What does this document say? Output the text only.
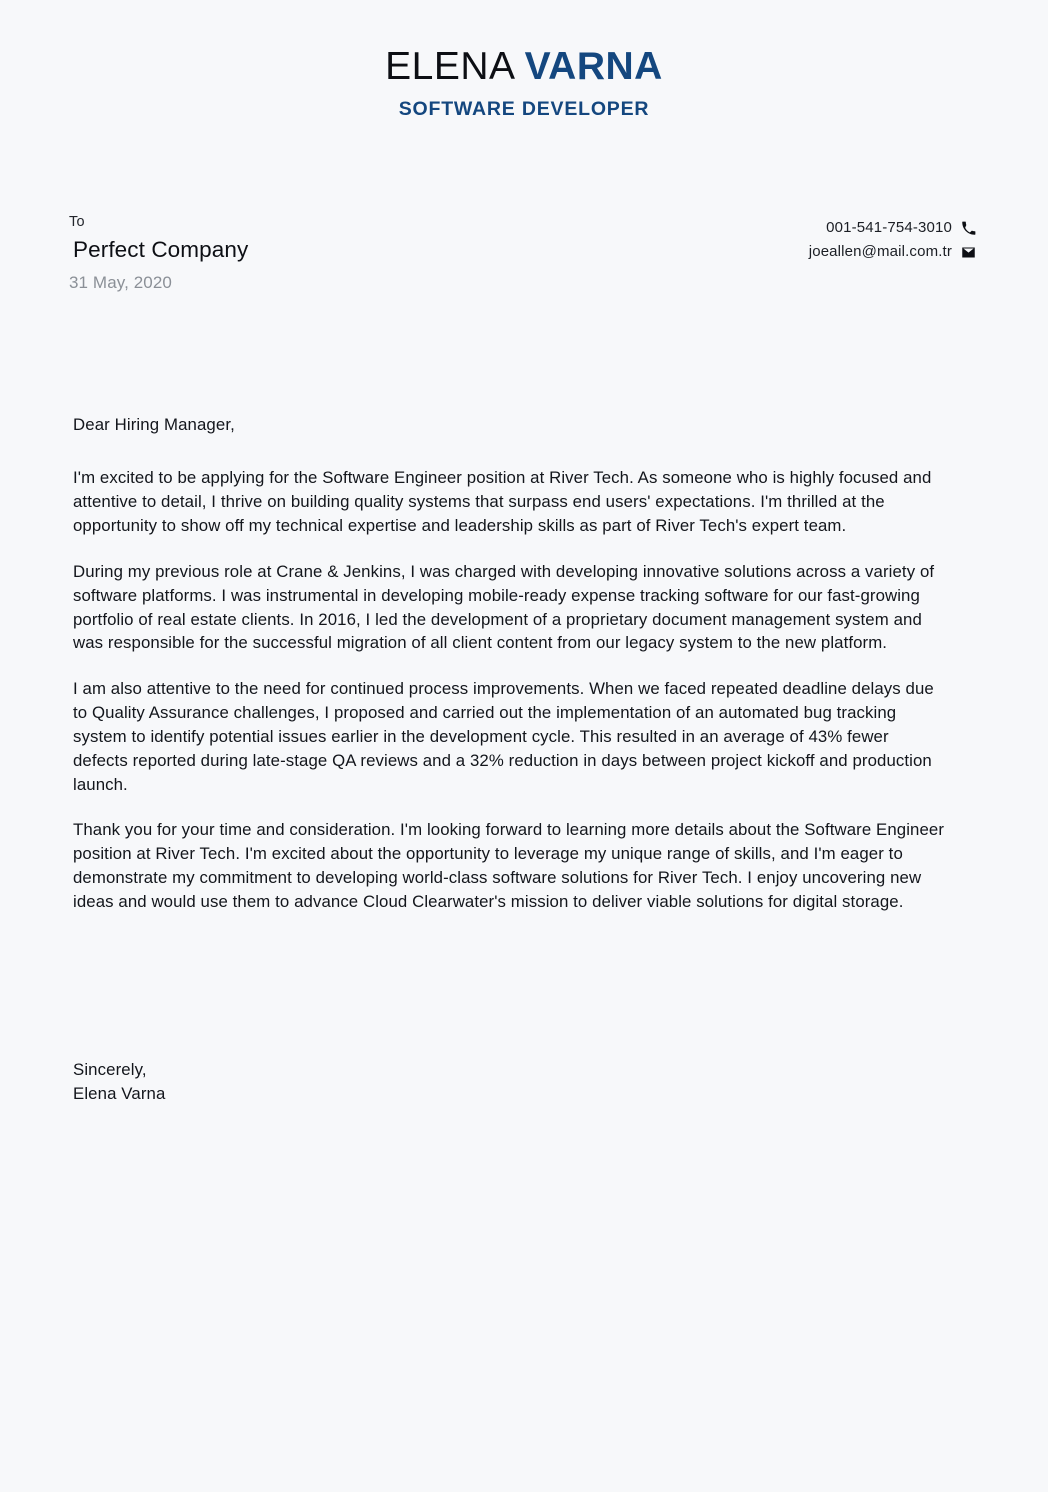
ELENA VARNA
SOFTWARE DEVELOPER
To
Perfect Company
31 May, 2020
001-541-754-3010
joeallen@mail.com.tr

Dear Hiring Manager,

I'm excited to be applying for the Software Engineer position at River Tech. As someone who is highly focused and attentive to detail, I thrive on building quality systems that surpass end users' expectations. I'm thrilled at the opportunity to show off my technical expertise and leadership skills as part of River Tech's expert team.

During my previous role at Crane & Jenkins, I was charged with developing innovative solutions across a variety of software platforms. I was instrumental in developing mobile-ready expense tracking software for our fast-growing portfolio of real estate clients. In 2016, I led the development of a proprietary document management system and was responsible for the successful migration of all client content from our legacy system to the new platform.

I am also attentive to the need for continued process improvements. When we faced repeated deadline delays due to Quality Assurance challenges, I proposed and carried out the implementation of an automated bug tracking system to identify potential issues earlier in the development cycle. This resulted in an average of 43% fewer defects reported during late-stage QA reviews and a 32% reduction in days between project kickoff and production launch.

Thank you for your time and consideration. I'm looking forward to learning more details about the Software Engineer position at River Tech. I'm excited about the opportunity to leverage my unique range of skills, and I'm eager to demonstrate my commitment to developing world-class software solutions for River Tech. I enjoy uncovering new ideas and would use them to advance Cloud Clearwater's mission to deliver viable solutions for digital storage.

Sincerely,
Elena Varna
